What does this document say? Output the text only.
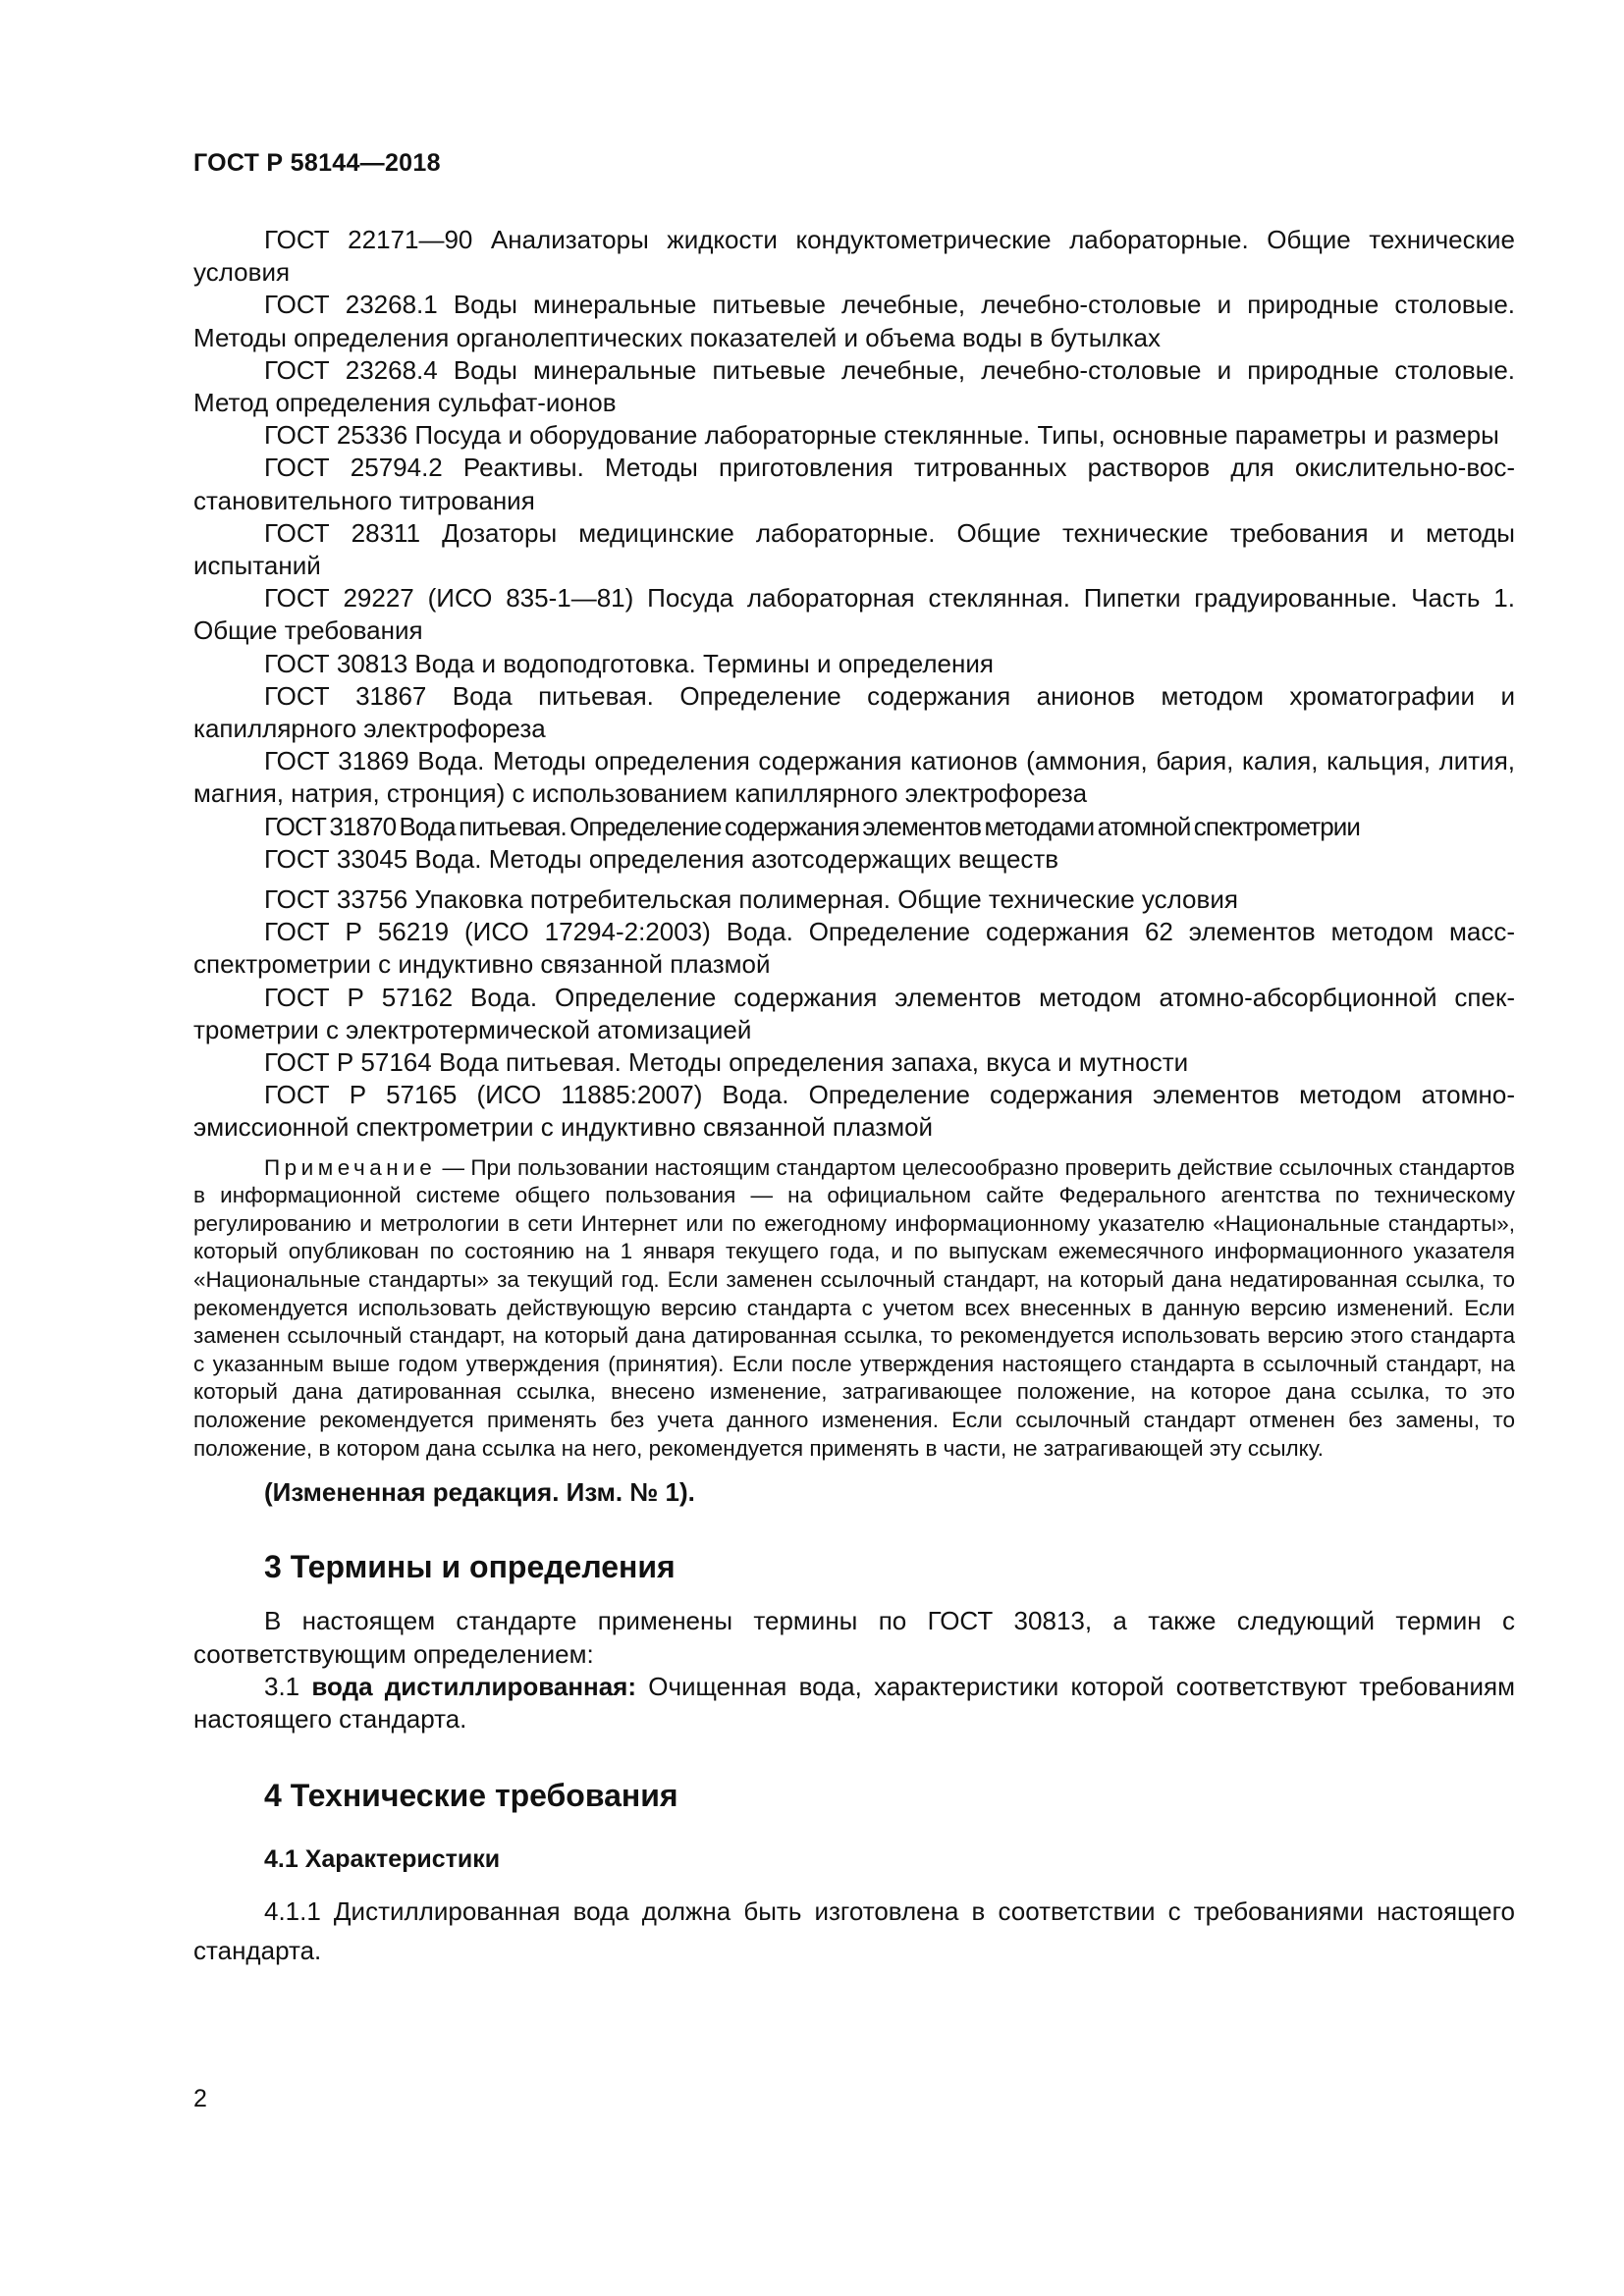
ГОСТ Р 58144—2018

ГОСТ 22171—90 Анализаторы жидкости кондуктометрические лабораторные. Общие технические условия

ГОСТ 23268.1 Воды минеральные питьевые лечебные, лечебно-столовые и природные столовые. Методы определения органолептических показателей и объема воды в бутылках

ГОСТ 23268.4 Воды минеральные питьевые лечебные, лечебно-столовые и природные столовые. Метод определения сульфат-ионов

ГОСТ 25336 Посуда и оборудование лабораторные стеклянные. Типы, основные параметры и размеры

ГОСТ 25794.2 Реактивы. Методы приготовления титрованных растворов для окислительно-восстановительного титрования

ГОСТ 28311 Дозаторы медицинские лабораторные. Общие технические требования и методы испытаний

ГОСТ 29227 (ИСО 835-1—81) Посуда лабораторная стеклянная. Пипетки градуированные. Часть 1. Общие требования

ГОСТ 30813 Вода и водоподготовка. Термины и определения

ГОСТ 31867 Вода питьевая. Определение содержания анионов методом хроматографии и капиллярного электрофореза

ГОСТ 31869 Вода. Методы определения содержания катионов (аммония, бария, калия, кальция, лития, магния, натрия, стронция) с использованием капиллярного электрофореза

ГОСТ 31870 Вода питьевая. Определение содержания элементов методами атомной спектрометрии

ГОСТ 33045 Вода. Методы определения азотсодержащих веществ

ГОСТ 33756 Упаковка потребительская полимерная. Общие технические условия

ГОСТ Р 56219 (ИСО 17294-2:2003) Вода. Определение содержания 62 элементов методом масс-спектрометрии с индуктивно связанной плазмой

ГОСТ Р 57162 Вода. Определение содержания элементов методом атомно-абсорбционной спектрометрии с электротермической атомизацией

ГОСТ Р 57164 Вода питьевая. Методы определения запаха, вкуса и мутности

ГОСТ Р 57165 (ИСО 11885:2007) Вода. Определение содержания элементов методом атомно-эмиссионной спектрометрии с индуктивно связанной плазмой

Примечание — При пользовании настоящим стандартом целесообразно проверить действие ссылочных стандартов в информационной системе общего пользования — на официальном сайте Федерального агентства по техническому регулированию и метрологии в сети Интернет или по ежегодному информационному указателю «Национальные стандарты», который опубликован по состоянию на 1 января текущего года, и по выпускам ежемесячного информационного указателя «Национальные стандарты» за текущий год. Если заменен ссылочный стандарт, на который дана недатированная ссылка, то рекомендуется использовать действующую версию стандарта с учетом всех внесенных в данную версию изменений. Если заменен ссылочный стандарт, на который дана датированная ссылка, то рекомендуется использовать версию этого стандарта с указанным выше годом утверждения (принятия). Если после утверждения настоящего стандарта в ссылочный стандарт, на который дана датированная ссылка, внесено изменение, затрагивающее положение, на которое дана ссылка, то это положение рекомендуется применять без учета данного изменения. Если ссылочный стандарт отменен без замены, то положение, в котором дана ссылка на него, рекомендуется применять в части, не затрагивающей эту ссылку.

(Измененная редакция. Изм. № 1).

3 Термины и определения

В настоящем стандарте применены термины по ГОСТ 30813, а также следующий термин с соответствующим определением:

3.1 вода дистиллированная: Очищенная вода, характеристики которой соответствуют требованиям настоящего стандарта.

4 Технические требования
4.1 Характеристики

4.1.1 Дистиллированная вода должна быть изготовлена в соответствии с требованиями настоящего стандарта.

2
